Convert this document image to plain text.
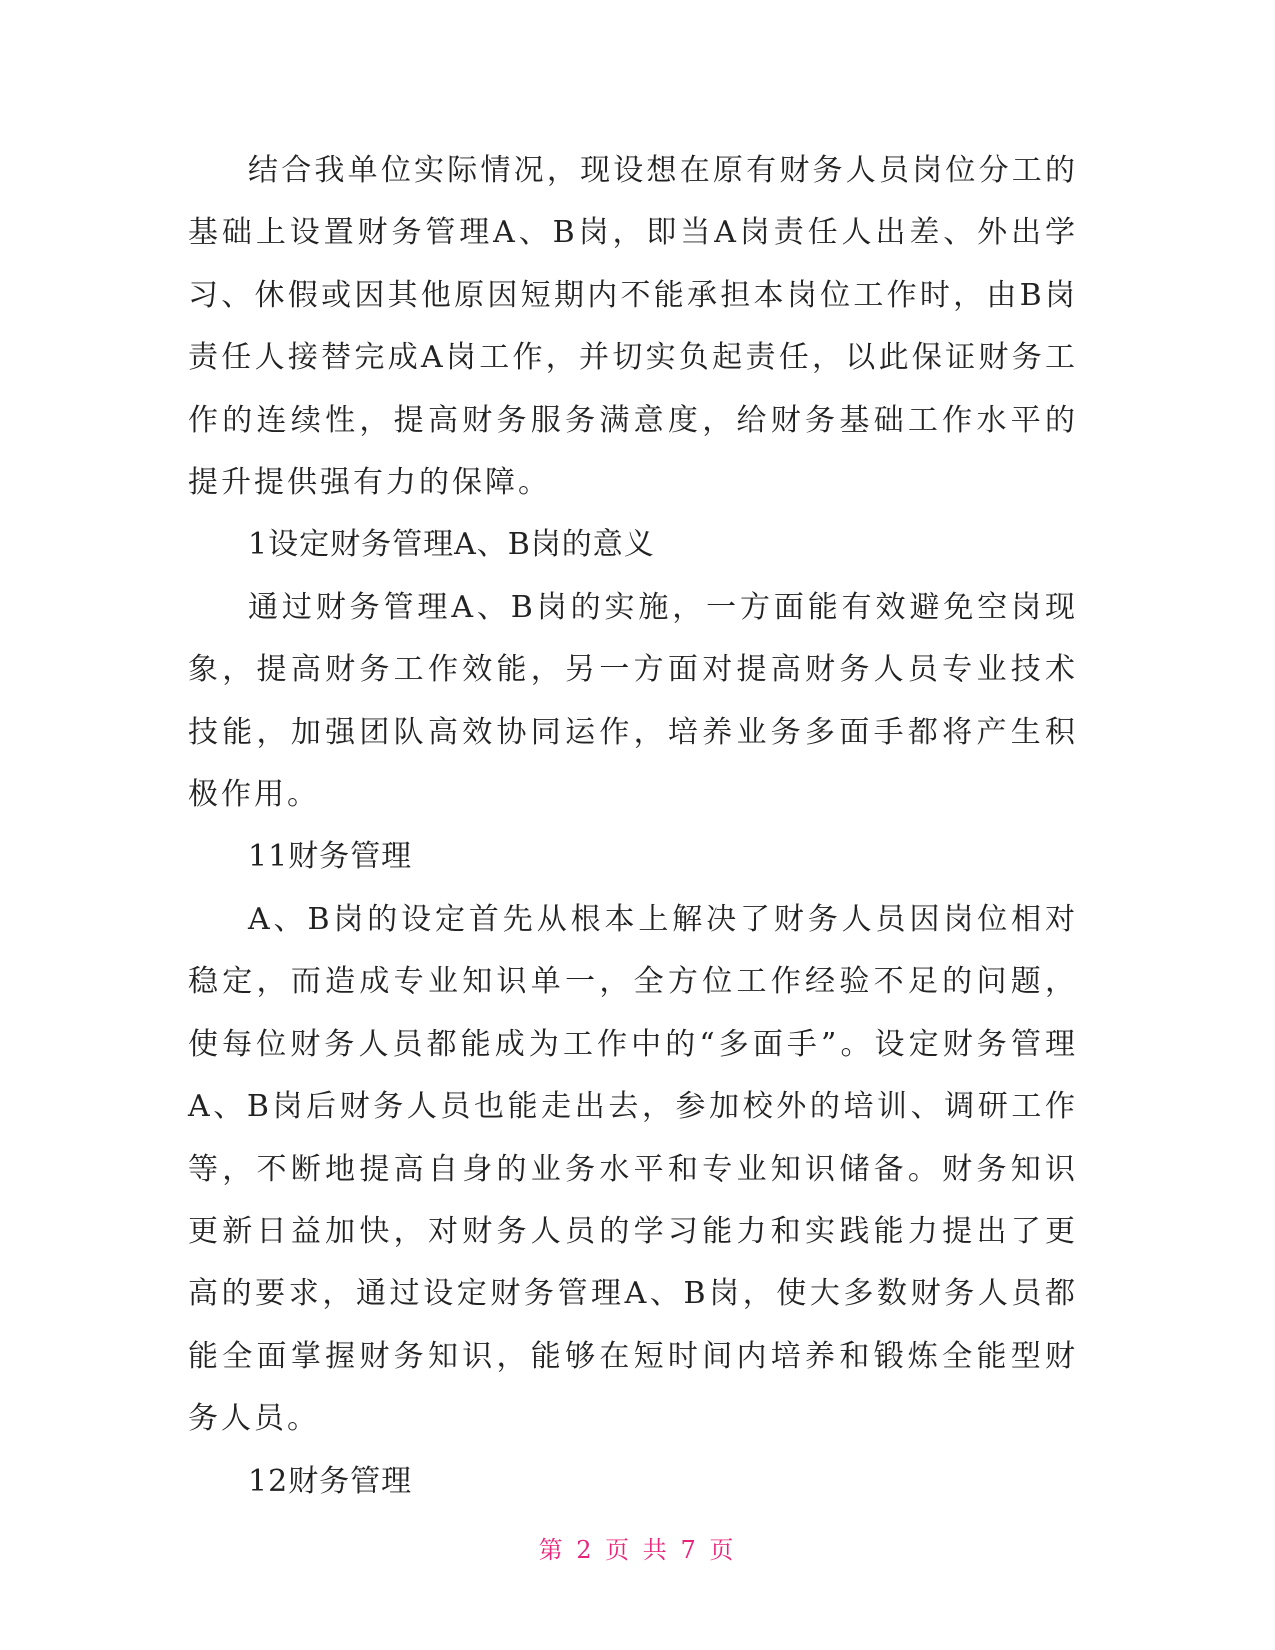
结合我单位实际情况，现设想在原有财务人员岗位分工的基础上设置财务管理A、B岗，即当A岗责任人出差、外出学习、休假或因其他原因短期内不能承担本岗位工作时，由B岗责任人接替完成A岗工作，并切实负起责任，以此保证财务工作的连续性，提高财务服务满意度，给财务基础工作水平的提升提供强有力的保障。

1设定财务管理A、B岗的意义

通过财务管理A、B岗的实施，一方面能有效避免空岗现象，提高财务工作效能，另一方面对提高财务人员专业技术技能，加强团队高效协同运作，培养业务多面手都将产生积极作用。

11财务管理

A、B岗的设定首先从根本上解决了财务人员因岗位相对稳定，而造成专业知识单一，全方位工作经验不足的问题，使每位财务人员都能成为工作中的“多面手”。设定财务管理A、B岗后财务人员也能走出去，参加校外的培训、调研工作等，不断地提高自身的业务水平和专业知识储备。财务知识更新日益加快，对财务人员的学习能力和实践能力提出了更高的要求，通过设定财务管理A、B岗，使大多数财务人员都能全面掌握财务知识，能够在短时间内培养和锻炼全能型财务人员。

12财务管理

第 2 页 共 7 页
